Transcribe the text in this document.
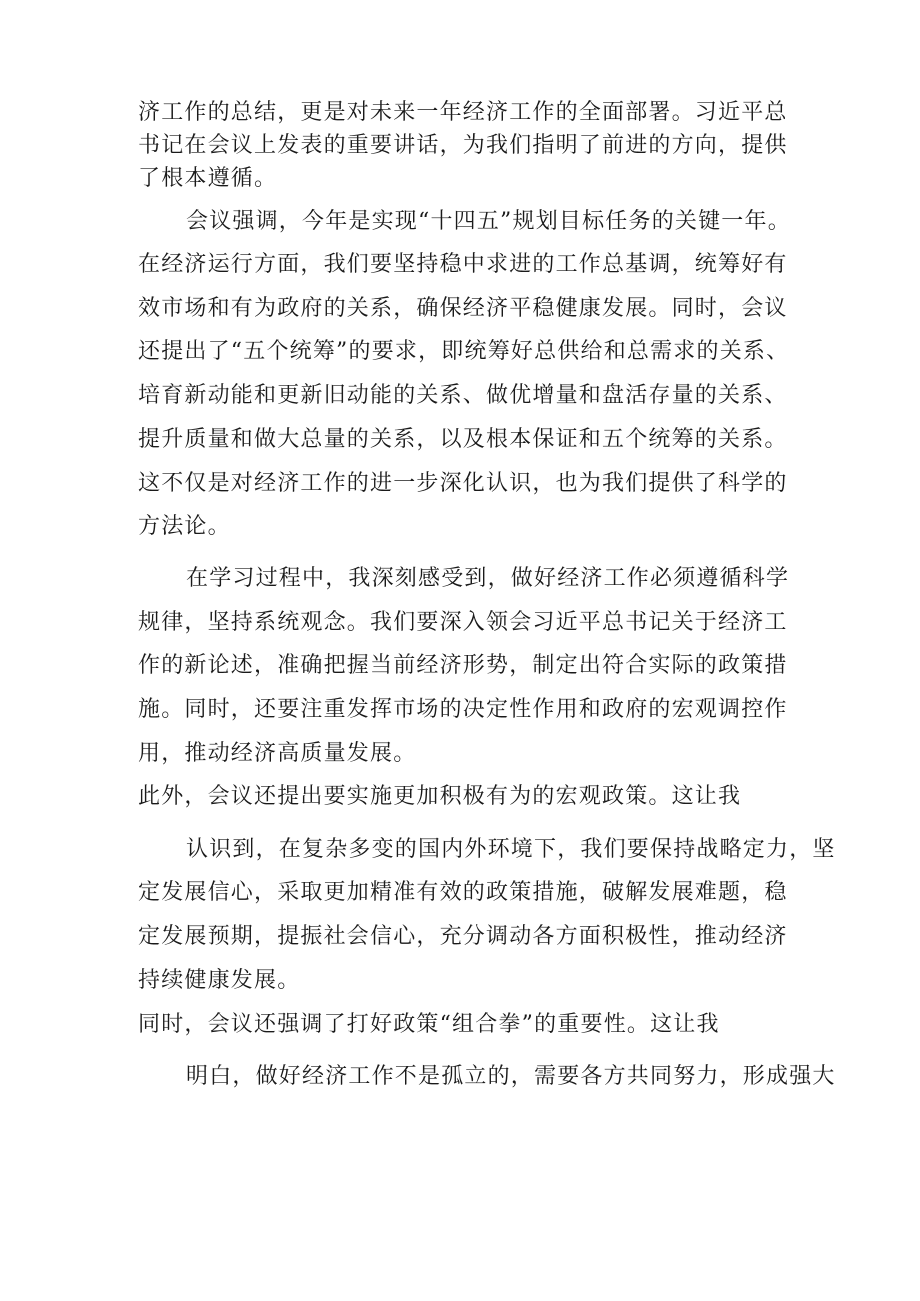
济工作的总结，更是对未来一年经济工作的全面部署。习近平总
书记在会议上发表的重要讲话，为我们指明了前进的方向，提供
了根本遵循。
会议强调，今年是实现“十四五”规划目标任务的关键一年。
在经济运行方面，我们要坚持稳中求进的工作总基调，统筹好有
效市场和有为政府的关系，确保经济平稳健康发展。同时，会议
还提出了“五个统筹”的要求，即统筹好总供给和总需求的关系、
培育新动能和更新旧动能的关系、做优增量和盘活存量的关系、
提升质量和做大总量的关系，以及根本保证和五个统筹的关系。
这不仅是对经济工作的进一步深化认识，也为我们提供了科学的
方法论。
在学习过程中，我深刻感受到，做好经济工作必须遵循科学
规律，坚持系统观念。我们要深入领会习近平总书记关于经济工
作的新论述，准确把握当前经济形势，制定出符合实际的政策措
施。同时，还要注重发挥市场的决定性作用和政府的宏观调控作
用，推动经济高质量发展。
此外，会议还提出要实施更加积极有为的宏观政策。这让我
认识到，在复杂多变的国内外环境下，我们要保持战略定力，坚
定发展信心，采取更加精准有效的政策措施，破解发展难题，稳
定发展预期，提振社会信心，充分调动各方面积极性，推动经济
持续健康发展。
同时，会议还强调了打好政策“组合拳”的重要性。这让我
明白，做好经济工作不是孤立的，需要各方共同努力，形成强大
